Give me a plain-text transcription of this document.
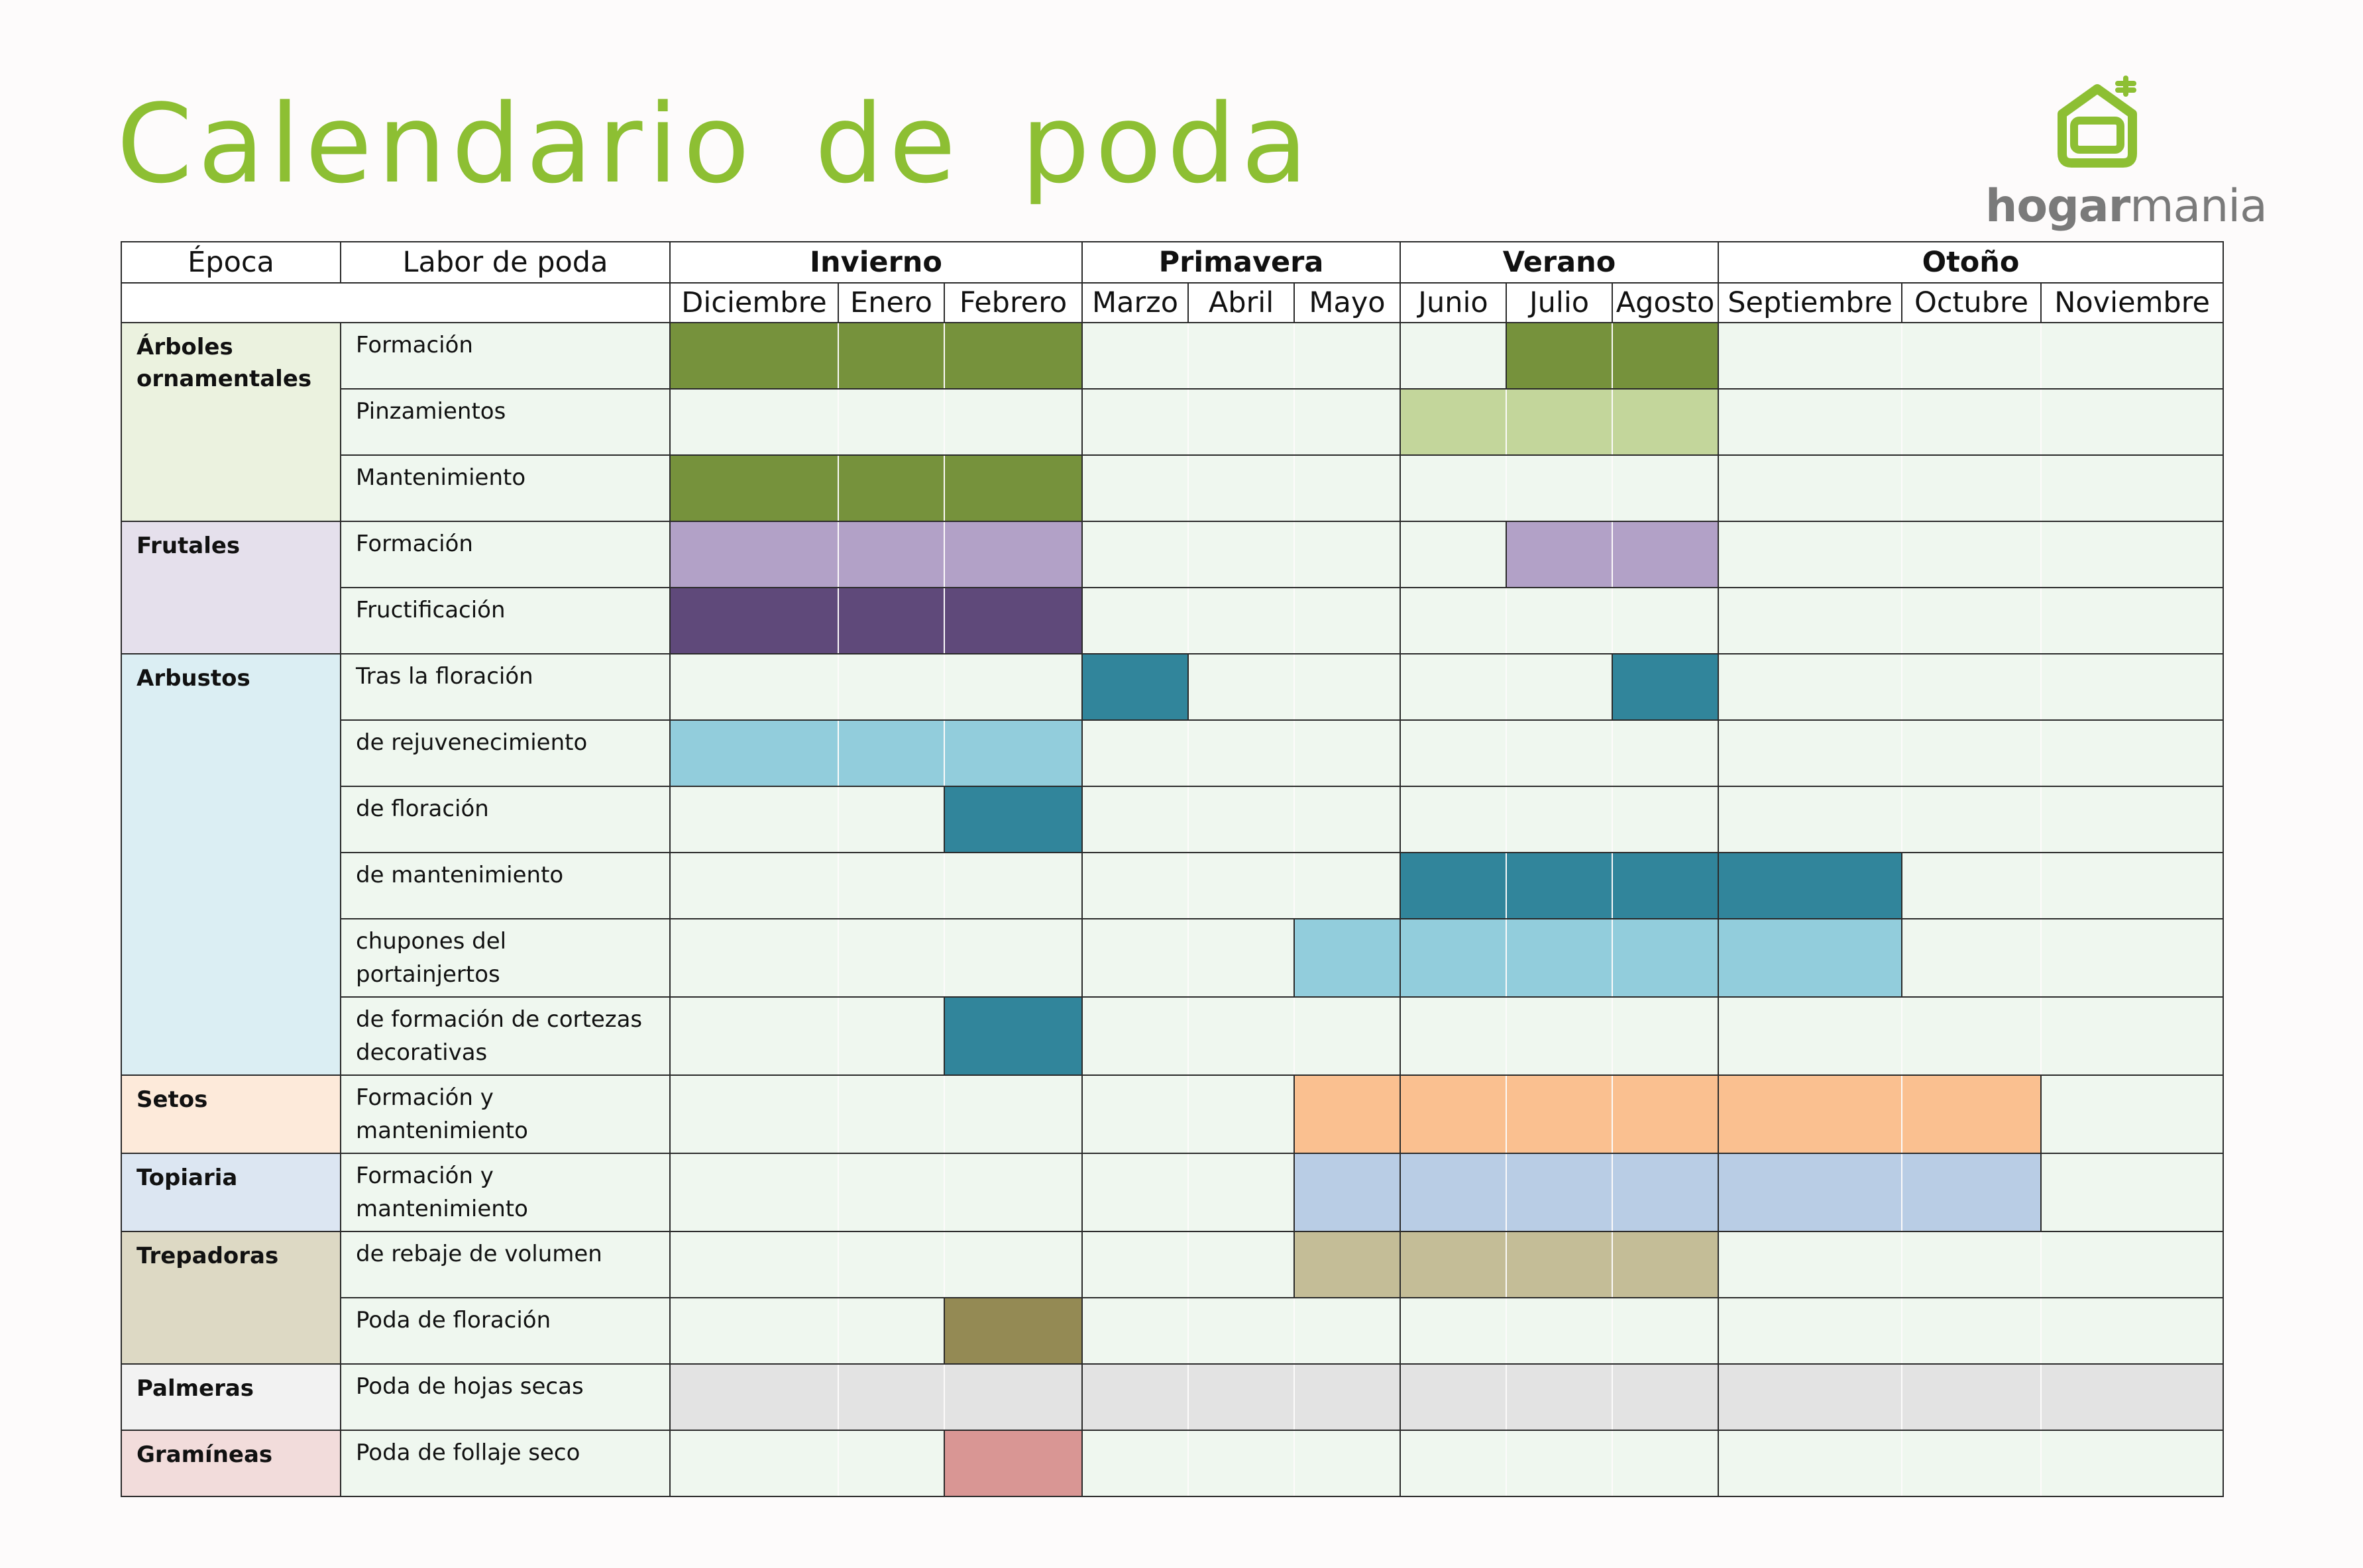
Calendario de poda	hogarmania
Época	Labor de poda	Invierno			Primavera			Verano			Otoño		
		Diciembre	Enero	Febrero	Marzo	Abril	Mayo	Junio	Julio	Agosto	Septiembre	Octubre	Noviembre
Árboles ornamentales	Formación												
	Pinzamientos												
	Mantenimiento												
Frutales	Formación												
	Fructificación												
Arbustos	Tras la floración												
	de rejuvenecimiento												
	de floración												
	de mantenimiento												
	chupones del portainjertos												
	de formación de cortezas decorativas												
Setos	Formación y mantenimiento												
Topiaria	Formación y mantenimiento												
Trepadoras	de rebaje de volumen												
	Poda de floración												
Palmeras	Poda de hojas secas												
Gramíneas	Poda de follaje seco												
